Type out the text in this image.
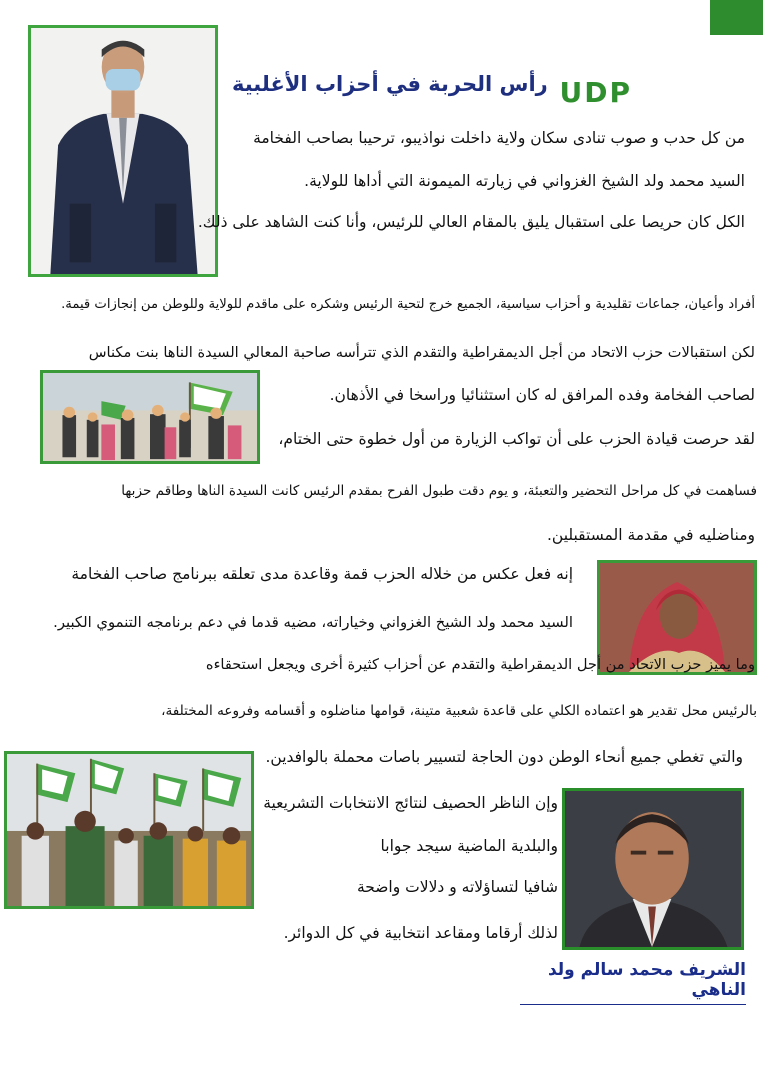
رأس الحربة في أحزاب الأغلبية UDP
من كل حدب و صوب تنادى سكان ولاية داخلت نواذيبو، ترحيبا بصاحب الفخامة
السيد محمد ولد الشيخ الغزواني في زيارته الميمونة التي أداها للولاية.
الكل كان حريصا على استقبال يليق بالمقام العالي للرئيس، وأنا كنت الشاهد على ذلك.
أفراد وأعيان، جماعات تقليدية و أحزاب سياسية، الجميع خرج لتحية الرئيس وشكره على ماقدم للولاية وللوطن من إنجازات قيمة.
لكن استقبالات حزب الاتحاد من أجل الديمقراطية والتقدم الذي تترأسه صاحبة المعالي السيدة الناها بنت مكناس
لصاحب الفخامة وفده المرافق له كان استثنائيا وراسخا في الأذهان.
لقد حرصت قيادة الحزب على أن تواكب الزيارة من أول خطوة حتى الختام،
فساهمت في كل مراحل التحضير والتعبئة، و يوم دقت طبول الفرح بمقدم الرئيس كانت السيدة الناها وطاقم حزبها
ومناضليه في مقدمة المستقبلين.
إنه فعل عكس من خلاله الحزب قمة وقاعدة مدى تعلقه ببرنامج صاحب الفخامة
السيد محمد ولد الشيخ الغزواني وخياراته، مضيه قدما في دعم برنامجه التنموي الكبير.
وما يميز حزب الاتحاد من أجل الديمقراطية والتقدم عن أحزاب كثيرة أخرى ويجعل استحقاءه
بالرئيس محل تقدير هو اعتماده الكلي على قاعدة شعبية متينة، قوامها مناضلوه و أقسامه وفروعه المختلفة،
والتي تغطي جميع أنحاء الوطن دون الحاجة لتسيير باصات محملة بالوافدين.
وإن الناظر الحصيف لنتائج الانتخابات التشريعية
والبلدية الماضية سيجد جوابا
شافيا لتساؤلاته و دلالات واضحة
لذلك أرقاما ومقاعد انتخابية في كل الدوائر.
الشريف محمد سالم ولد الناهي
